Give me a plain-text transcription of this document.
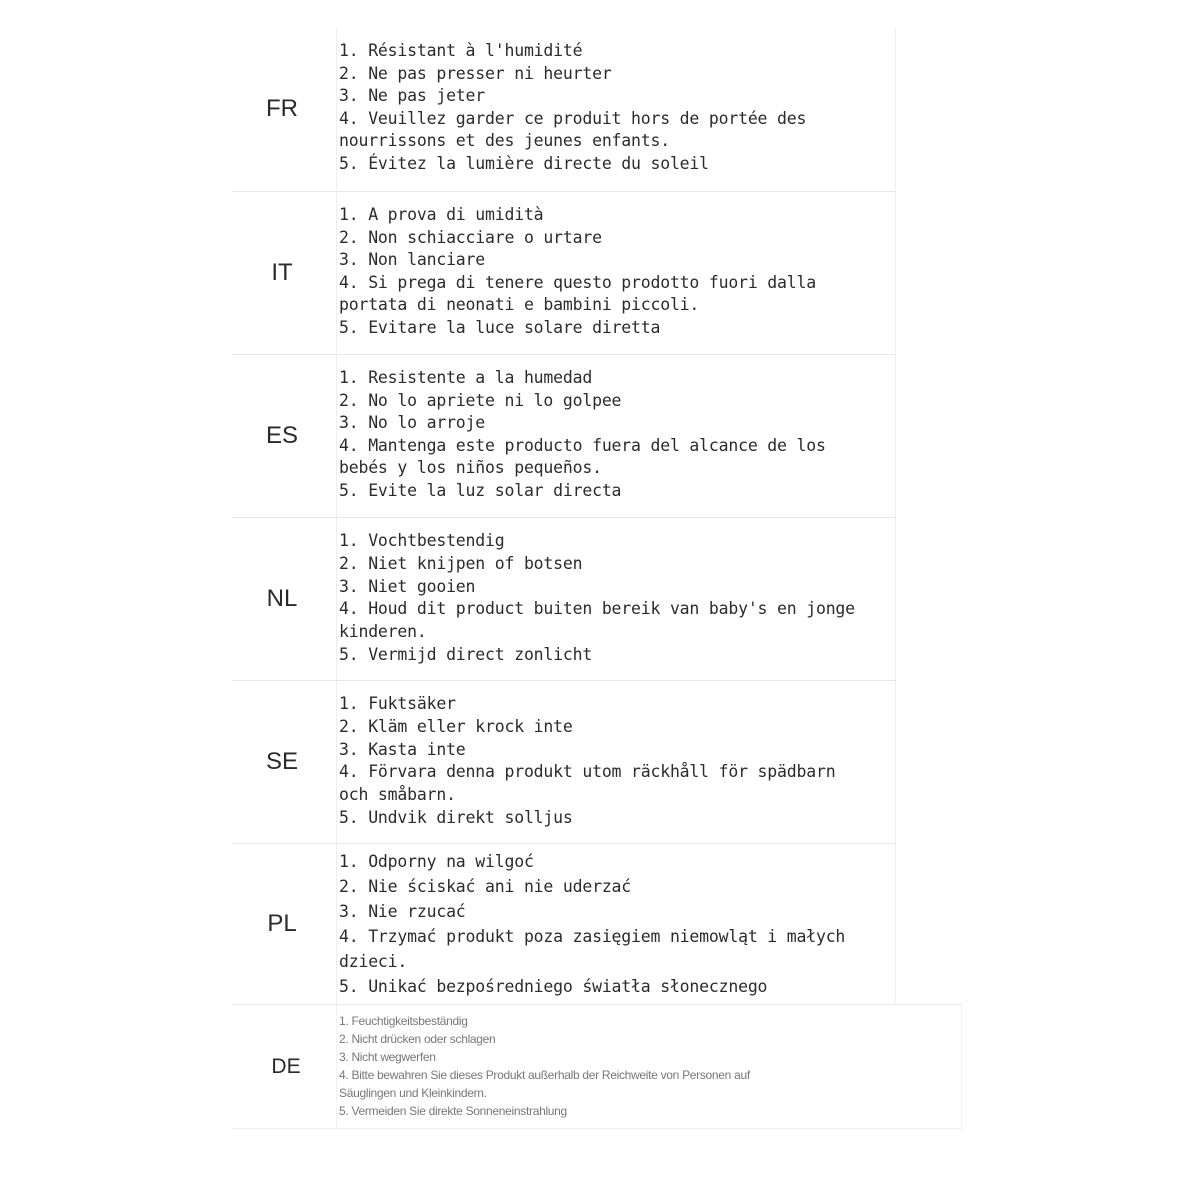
FR
1. Résistant à l'humidité
2. Ne pas presser ni heurter
3. Ne pas jeter
4. Veuillez garder ce produit hors de portée des
nourrissons et des jeunes enfants.
5. Évitez la lumière directe du soleil
IT
1. A prova di umidità
2. Non schiacciare o urtare
3. Non lanciare
4. Si prega di tenere questo prodotto fuori dalla
portata di neonati e bambini piccoli.
5. Evitare la luce solare diretta
ES
1. Resistente a la humedad
2. No lo apriete ni lo golpee
3. No lo arroje
4. Mantenga este producto fuera del alcance de los
bebés y los niños pequeños.
5. Evite la luz solar directa
NL
1. Vochtbestendig
2. Niet knijpen of botsen
3. Niet gooien
4. Houd dit product buiten bereik van baby's en jonge
kinderen.
5. Vermijd direct zonlicht
SE
1. Fuktsäker
2. Kläm eller krock inte
3. Kasta inte
4. Förvara denna produkt utom räckhåll för spädbarn
och småbarn.
5. Undvik direkt solljus
PL
1. Odporny na wilgoć
2. Nie ściskać ani nie uderzać
3. Nie rzucać
4. Trzymać produkt poza zasięgiem niemowląt i małych
dzieci.
5. Unikać bezpośredniego światła słonecznego
DE
1. Feuchtigkeitsbeständig
2. Nicht drücken oder schlagen
3. Nicht wegwerfen
4. Bitte bewahren Sie dieses Produkt außerhalb der Reichweite von Personen auf
Säuglingen und Kleinkindern.
5. Vermeiden Sie direkte Sonneneinstrahlung
